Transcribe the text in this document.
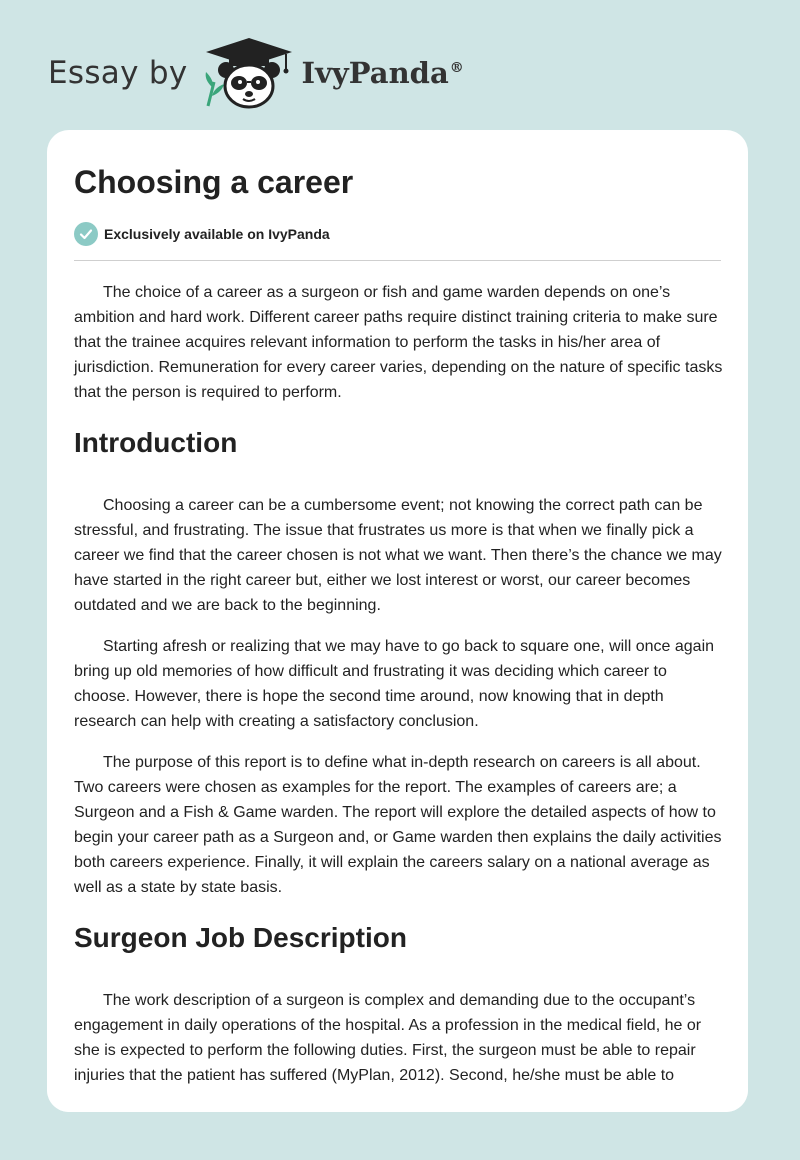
Essay by	IvyPanda®
Choosing a career
Exclusively available on IvyPanda

The choice of a career as a surgeon or fish and game warden depends on one’s ambition and hard work. Different career paths require distinct training criteria to make sure that the trainee acquires relevant information to perform the tasks in his/her area of jurisdiction. Remuneration for every career varies, depending on the nature of specific tasks that the person is required to perform.

Introduction

Choosing a career can be a cumbersome event; not knowing the correct path can be stressful, and frustrating. The issue that frustrates us more is that when we finally pick a career we find that the career chosen is not what we want. Then there’s the chance we may have started in the right career but, either we lost interest or worst, our career becomes outdated and we are back to the beginning.

Starting afresh or realizing that we may have to go back to square one, will once again bring up old memories of how difficult and frustrating it was deciding which career to choose. However, there is hope the second time around, now knowing that in depth research can help with creating a satisfactory conclusion.

The purpose of this report is to define what in-depth research on careers is all about. Two careers were chosen as examples for the report. The examples of careers are; a Surgeon and a Fish & Game warden. The report will explore the detailed aspects of how to begin your career path as a Surgeon and, or Game warden then explains the daily activities both careers experience. Finally, it will explain the careers salary on a national average as well as a state by state basis.

Surgeon Job Description

The work description of a surgeon is complex and demanding due to the occupant’s engagement in daily operations of the hospital. As a profession in the medical field, he or she is expected to perform the following duties. First, the surgeon must be able to repair injuries that the patient has suffered (MyPlan, 2012). Second, he/she must be able to
